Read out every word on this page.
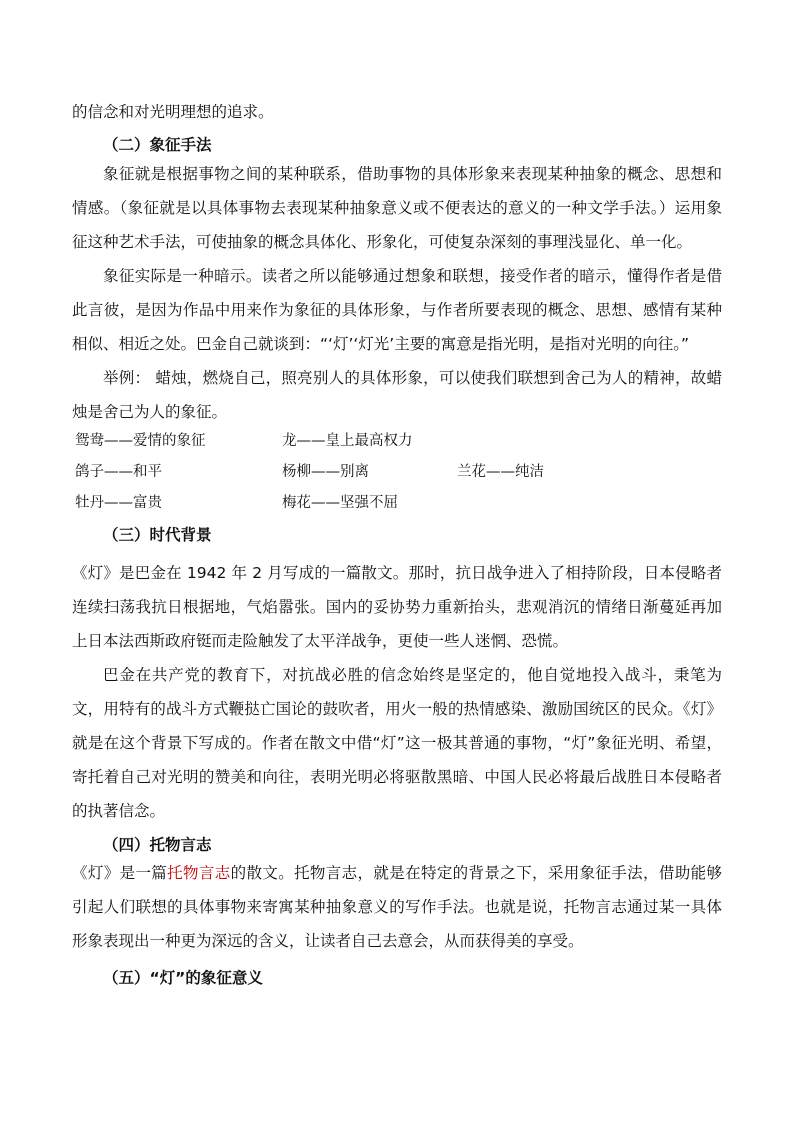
的信念和对光明理想的追求。
（二）象征手法
象征就是根据事物之间的某种联系，借助事物的具体形象来表现某种抽象的概念、思想和情感。（象征就是以具体事物去表现某种抽象意义或不便表达的意义的一种文学手法。）运用象征这种艺术手法，可使抽象的概念具体化、形象化，可使复杂深刻的事理浅显化、单一化。
象征实际是一种暗示。读者之所以能够通过想象和联想，接受作者的暗示，懂得作者是借此言彼，是因为作品中用来作为象征的具体形象，与作者所要表现的概念、思想、感情有某种相似、相近之处。巴金自己就谈到：“‘灯’‘灯光’主要的寓意是指光明，是指对光明的向往。”
举例： 蜡烛，燃烧自己，照亮别人的具体形象，可以使我们联想到舍己为人的精神，故蜡烛是舍己为人的象征。
鸳鸯——爱情的象征	龙——皇上最高权力
鸽子——和平	杨柳——别离	兰花——纯洁
牡丹——富贵	梅花——坚强不屈
（三）时代背景
《灯》是巴金在 1942 年 2 月写成的一篇散文。那时，抗日战争进入了相持阶段，日本侵略者连续扫荡我抗日根据地，气焰嚣张。国内的妥协势力重新抬头，悲观消沉的情绪日渐蔓延再加上日本法西斯政府铤而走险触发了太平洋战争，更使一些人迷惘、恐慌。
巴金在共产党的教育下，对抗战必胜的信念始终是坚定的，他自觉地投入战斗，秉笔为文，用特有的战斗方式鞭挞亡国论的鼓吹者，用火一般的热情感染、激励国统区的民众。《灯》就是在这个背景下写成的。作者在散文中借“灯”这一极其普通的事物，“灯”象征光明、希望，寄托着自己对光明的赞美和向往，表明光明必将驱散黑暗、中国人民必将最后战胜日本侵略者的执著信念。
（四）托物言志
《灯》是一篇托物言志的散文。托物言志，就是在特定的背景之下，采用象征手法，借助能够引起人们联想的具体事物来寄寓某种抽象意义的写作手法。也就是说，托物言志通过某一具体形象表现出一种更为深远的含义，让读者自己去意会，从而获得美的享受。
（五）“灯”的象征意义
